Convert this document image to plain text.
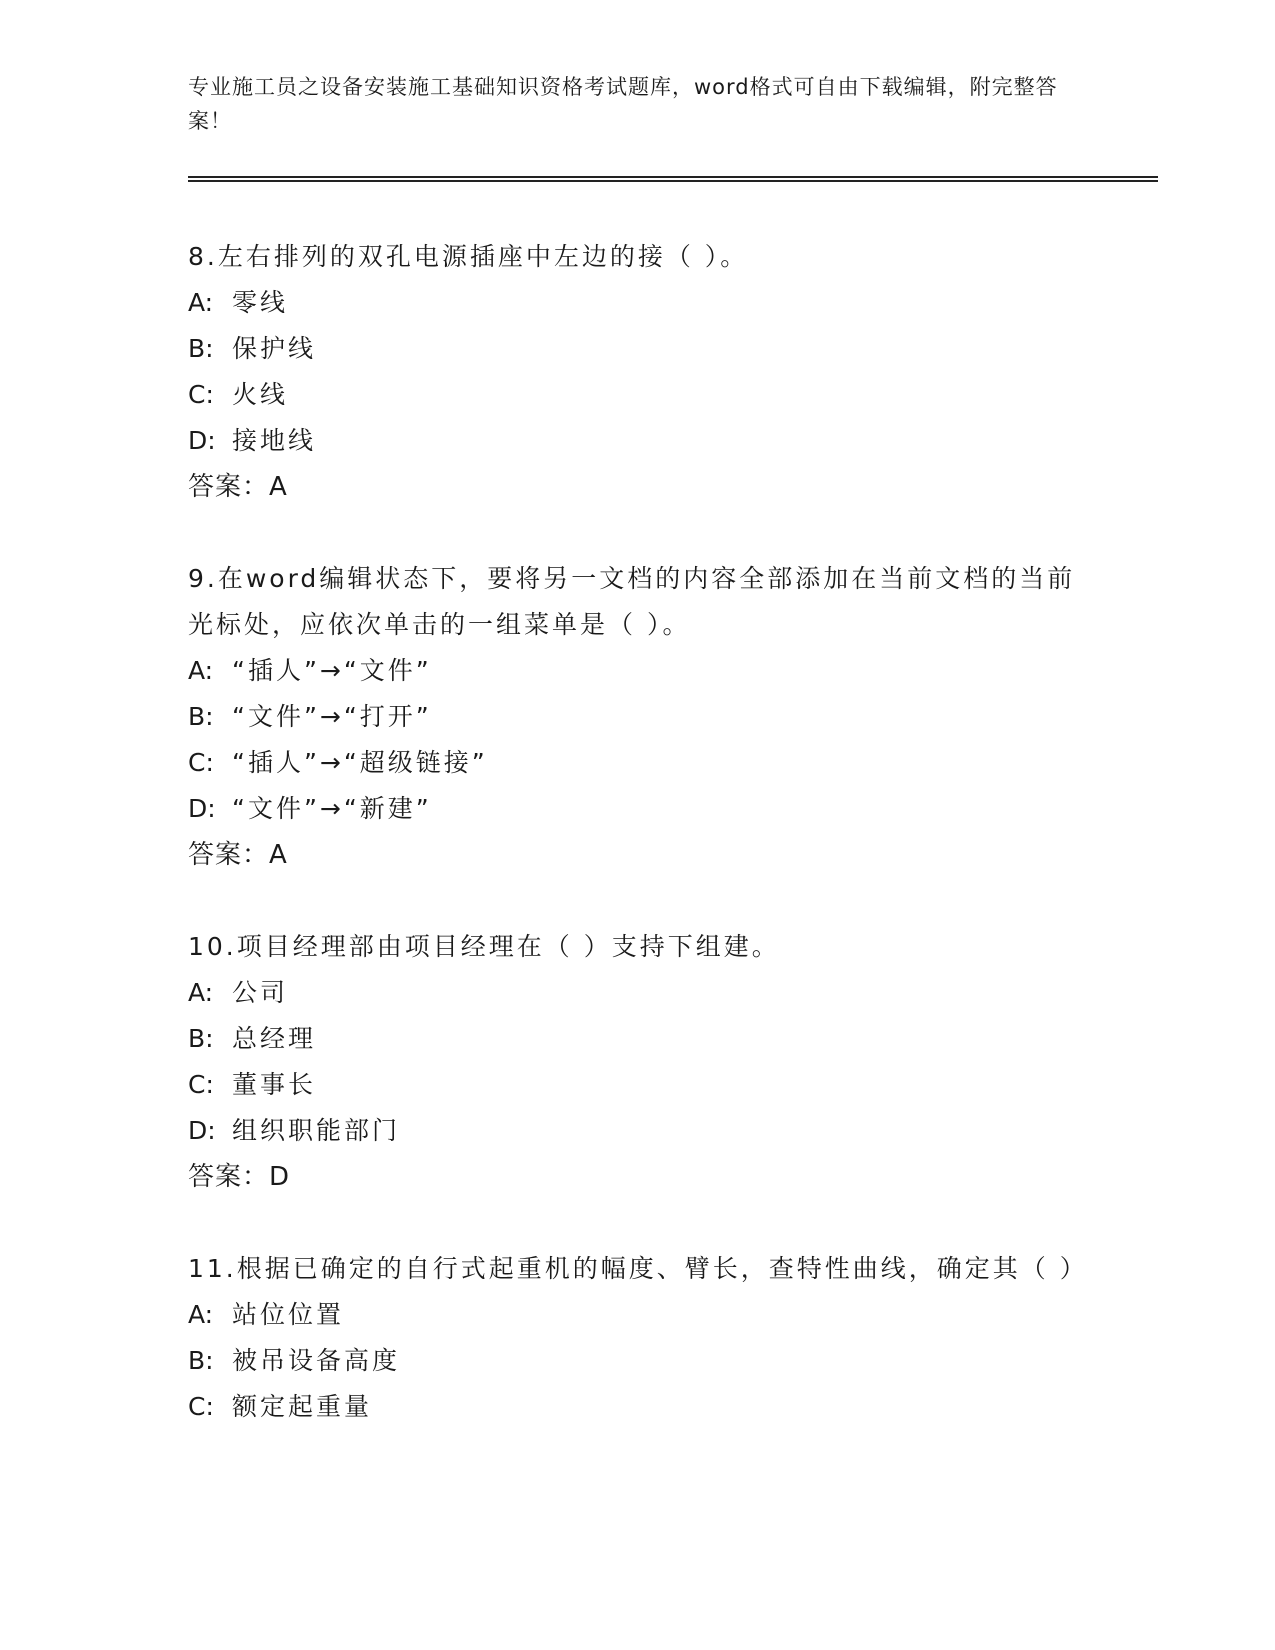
专业施工员之设备安装施工基础知识资格考试题库，word格式可自由下载编辑，附完整答案！

8.左右排列的双孔电源插座中左边的接（ ）。

A: 零线

B: 保护线

C: 火线

D: 接地线

答案：A

9.在word编辑状态下，要将另一文档的内容全部添加在当前文档的当前光标处，应依次单击的一组菜单是（ ）。

A: “插人”→“文件”

B: “文件”→“打开”

C: “插人”→“超级链接”

D: “文件”→“新建”

答案：A

10.项目经理部由项目经理在（ ）支持下组建。

A: 公司

B: 总经理

C: 董事长

D: 组织职能部门

答案：D

11.根据已确定的自行式起重机的幅度、臂长，查特性曲线，确定其（ ）

A: 站位位置

B: 被吊设备高度

C: 额定起重量
